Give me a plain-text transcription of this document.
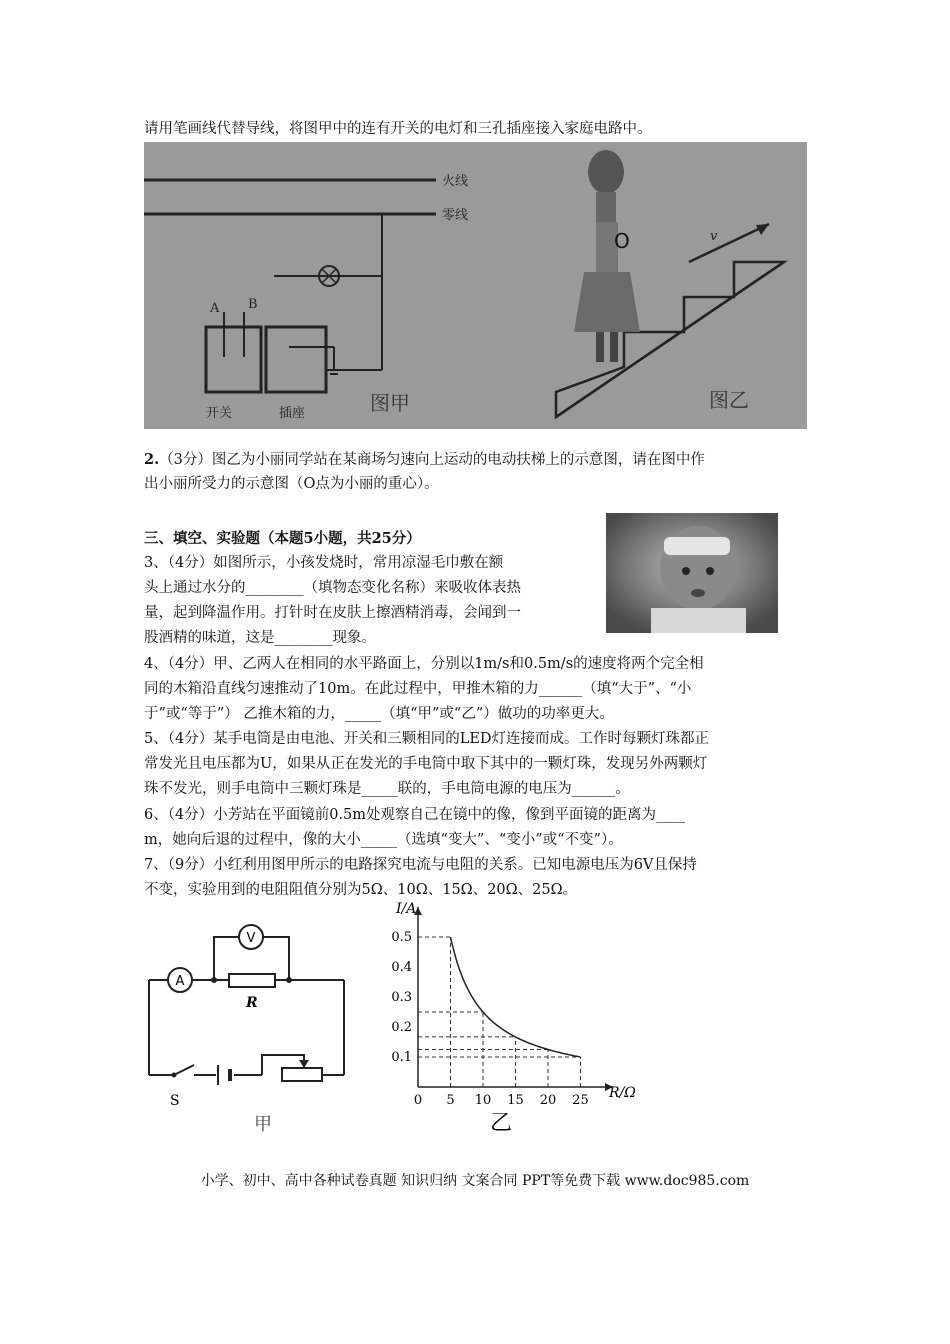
请用笔画线代替导线，将图甲中的连有开关的电灯和三孔插座接入家庭电路中。
火线
零线
A B
开关	插座	图甲
O	v
图乙
2.（3分）图乙为小丽同学站在某商场匀速向上运动的电动扶梯上的示意图，请在图中作
出小丽所受力的示意图（O点为小丽的重心）。
三、填空、实验题（本题5小题，共25分）
3、（4分）如图所示，小孩发烧时，常用凉湿毛巾敷在额
头上通过水分的________（填物态变化名称）来吸收体表热
量，起到降温作用。打针时在皮肤上擦酒精消毒，会闻到一
股酒精的味道，这是________现象。
4、（4分）甲、乙两人在相同的水平路面上，分别以1m/s和0.5m/s的速度将两个完全相
同的木箱沿直线匀速推动了10m。在此过程中，甲推木箱的力______（填“大于”、“小
于”或“等于”） 乙推木箱的力，_____（填“甲”或“乙”）做功的功率更大。
5、（4分）某手电筒是由电池、开关和三颗相同的LED灯连接而成。工作时每颗灯珠都正
常发光且电压都为U，如果从正在发光的手电筒中取下其中的一颗灯珠，发现另外两颗灯
珠不发光，则手电筒中三颗灯珠是_____联的，手电筒电源的电压为______。
6、（4分）小芳站在平面镜前0.5m处观察自己在镜中的像，像到平面镜的距离为____
m，她向后退的过程中，像的大小_____（选填“变大”、“变小”或“不变”）。
7、（9分）小红利用图甲所示的电路探究电流与电阻的关系。已知电源电压为6V且保持
不变，实验用到的电阻阻值分别为5Ω、10Ω、15Ω、20Ω、25Ω。
V
A
R
S
甲
I/A
R/Ω
0 5 10 15 20 25
0.1
0.2
0.3
0.4
0.5
乙
小学、初中、高中各种试卷真题 知识归纳 文案合同 PPT等免费下载 www.doc985.com
